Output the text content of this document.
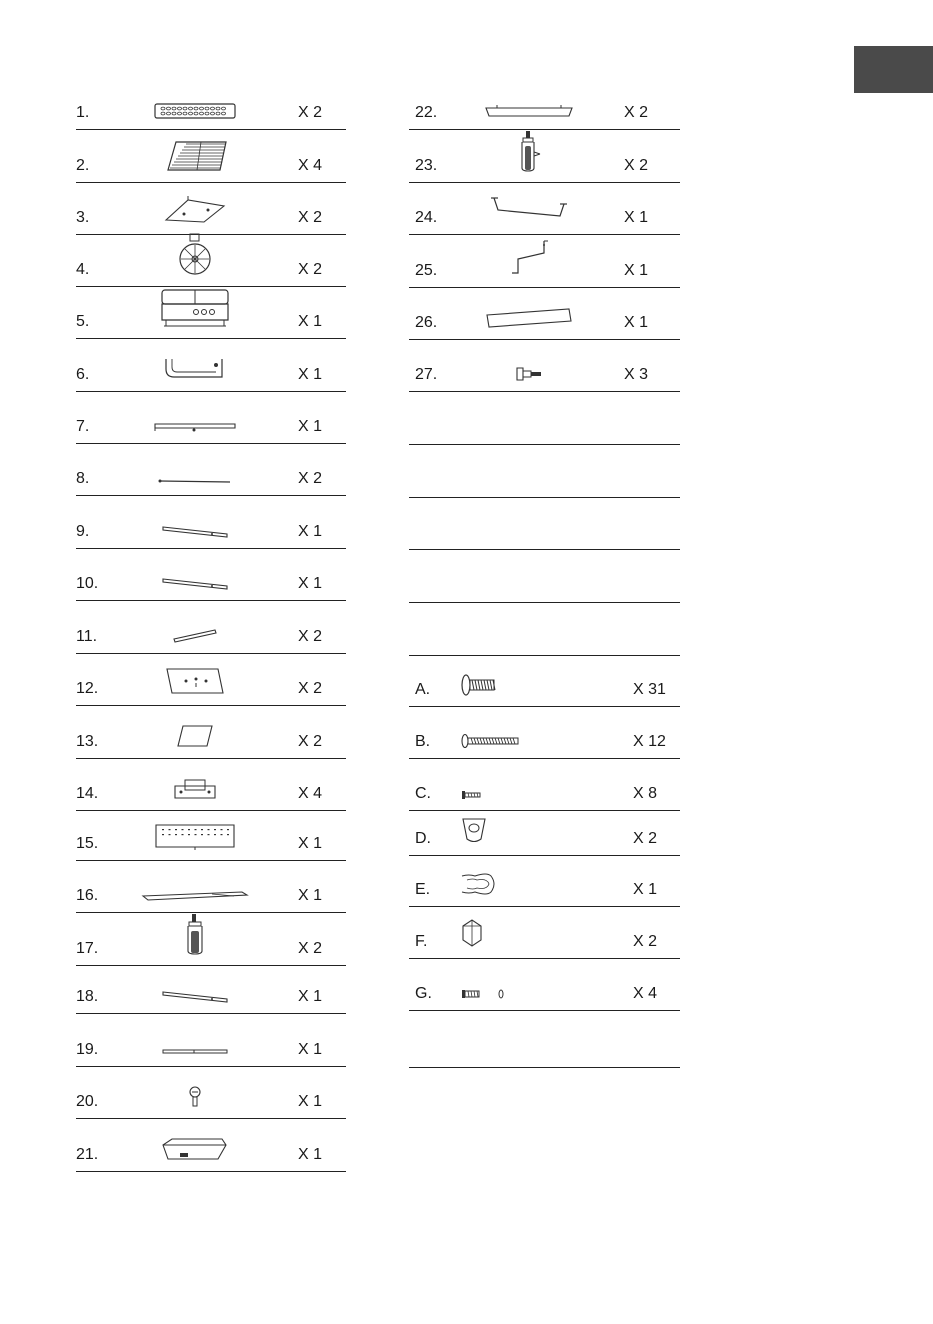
1.	X 2
2.	X 4
3.	X 2
4.	X 2
5.	X 1
6.	X 1
7.	X 1
8.	X 2
9.	X 1
10.	X 1
11.	X 2
12.	X 2
13.	X 2
14.	X 4
15.	X 1
16.	X 1
17.	X 2
18.	X 1
19.	X 1
20.	X 1
21.	X 1
22.	X 2
23.	X 2
24.	X 1
25.	X 1
26.	X 1
27.	X 3
A.	X 31
B.	X 12
C.	X 8
D.	X 2
E.	X 1
F.	X 2
G.	X 4
